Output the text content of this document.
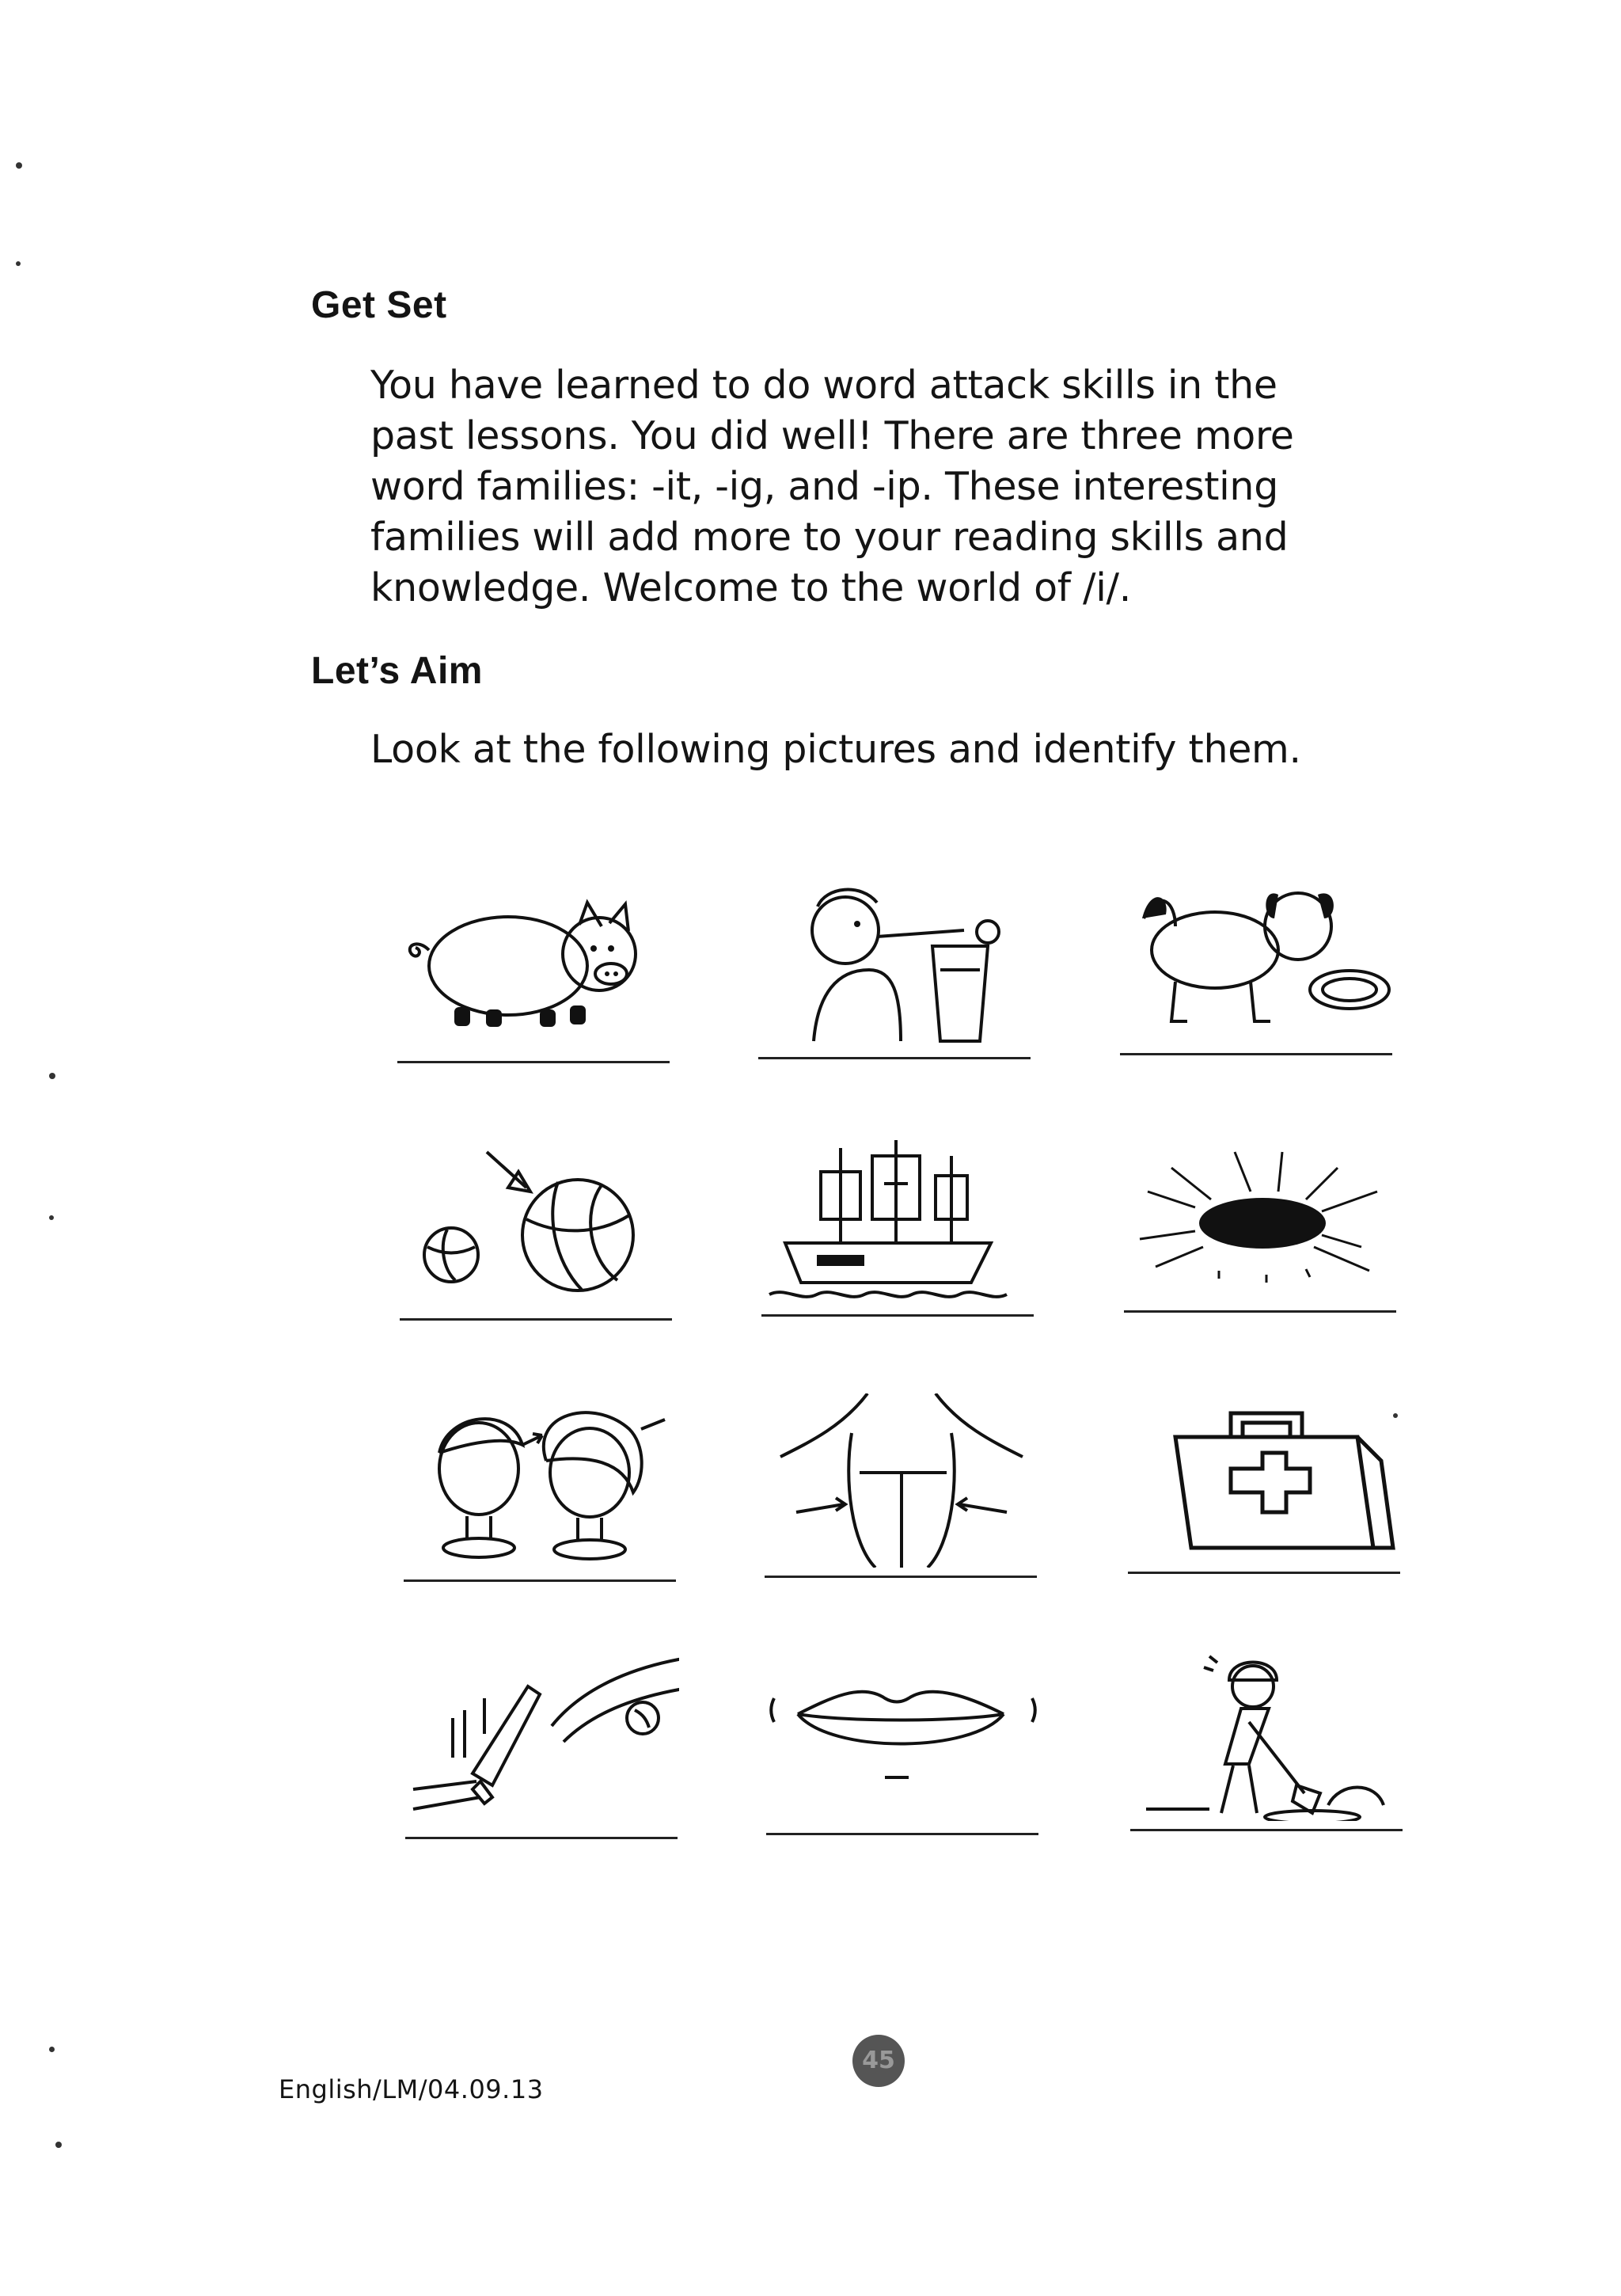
Get Set
You have learned to do word attack skills in the
past lessons. You did well! There are three more
word families: -it, -ig, and -ip. These interesting
families will add more to your reading skills and
knowledge. Welcome to the world of /i/.
Let’s Aim
Look at the following pictures and identify them.
English/LM/04.09.13
45
